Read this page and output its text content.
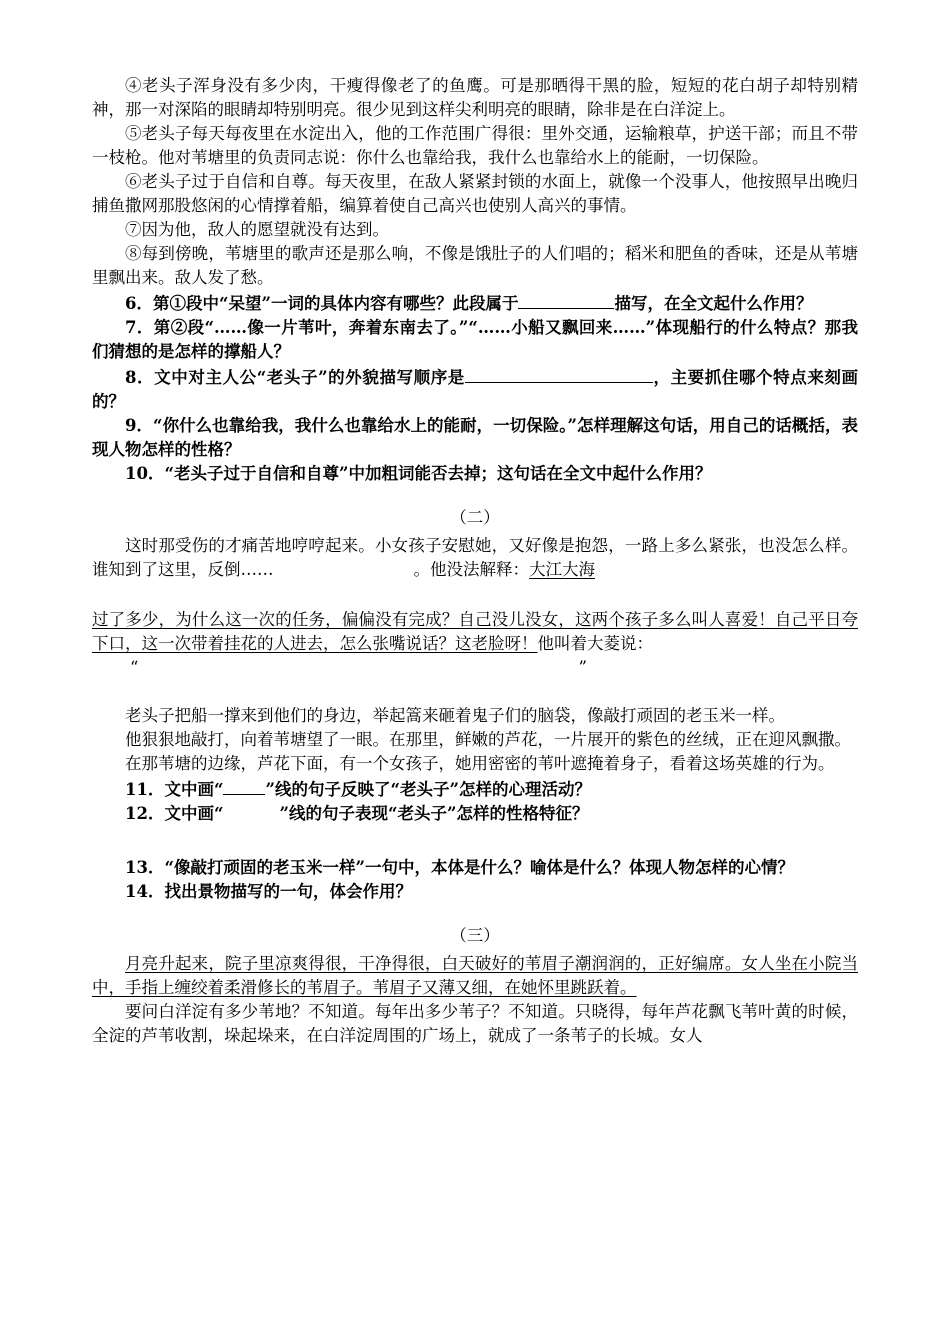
④老头子浑身没有多少肉，干瘦得像老了的鱼鹰。可是那晒得干黑的脸，短短的花白胡子却特别精神，那一对深陷的眼睛却特别明亮。很少见到这样尖利明亮的眼睛，除非是在白洋淀上。

⑤老头子每天每夜里在水淀出入，他的工作范围广得很：里外交通，运输粮草，护送干部；而且不带一枝枪。他对苇塘里的负责同志说：你什么也靠给我，我什么也靠给水上的能耐，一切保险。

⑥老头子过于自信和自尊。每天夜里，在敌人紧紧封锁的水面上，就像一个没事人，他按照早出晚归捕鱼撒网那股悠闲的心情撑着船，编算着使自己高兴也使别人高兴的事情。

⑦因为他，敌人的愿望就没有达到。

⑧每到傍晚，苇塘里的歌声还是那么响，不像是饿肚子的人们唱的；稻米和肥鱼的香味，还是从苇塘里飘出来。敌人发了愁。

6．第①段中“呆望”一词的具体内容有哪些？此段属于	描写，在全文起什么作用？

7．第②段“……像一片苇叶，奔着东南去了。”“……小船又飘回来……”体现船行的什么特点？那我们猜想的是怎样的撑船人？

8．文中对主人公“老头子”的外貌描写顺序是	，主要抓住哪个特点来刻画的？

9．“你什么也靠给我，我什么也靠给水上的能耐，一切保险。”怎样理解这句话，用自己的话概括，表现人物怎样的性格？

10．“老头子过于自信和自尊”中加粗词能否去掉；这句话在全文中起什么作用？

（二）

这时那受伤的才痛苦地哼哼起来。小女孩子安慰她，又好像是抱怨，一路上多么紧张，也没怎么样。谁知到了这里，反倒……	。他没法解释：大江大海

过了多少，为什么这一次的任务，偏偏没有完成？自己没儿没女，这两个孩子多么叫人喜爱！自己平日夸下口，这一次带着挂花的人进去，怎么张嘴说话？这老脸呀！他叫着大菱说：

“	”

老头子把船一撑来到他们的身边，举起篙来砸着鬼子们的脑袋，像敲打顽固的老玉米一样。

他狠狠地敲打，向着苇塘望了一眼。在那里，鲜嫩的芦花，一片展开的紫色的丝绒，正在迎风飘撒。

在那苇塘的边缘，芦花下面，有一个女孩子，她用密密的苇叶遮掩着身子，看着这场英雄的行为。

11．文中画“	”线的句子反映了“老头子”怎样的心理活动？

12．文中画“	”线的句子表现“老头子”怎样的性格特征？

13．“像敲打顽固的老玉米一样”一句中，本体是什么？喻体是什么？体现人物怎样的心情？

14．找出景物描写的一句，体会作用？

（三）

月亮升起来，院子里凉爽得很，干净得很，白天破好的苇眉子潮润润的，正好编席。女人坐在小院当中，手指上缠绞着柔滑修长的苇眉子。苇眉子又薄又细，在她怀里跳跃着。

要问白洋淀有多少苇地？不知道。每年出多少苇子？不知道。只晓得，每年芦花飘飞苇叶黄的时候，全淀的芦苇收割，垛起垛来，在白洋淀周围的广场上，就成了一条苇子的长城。女人
